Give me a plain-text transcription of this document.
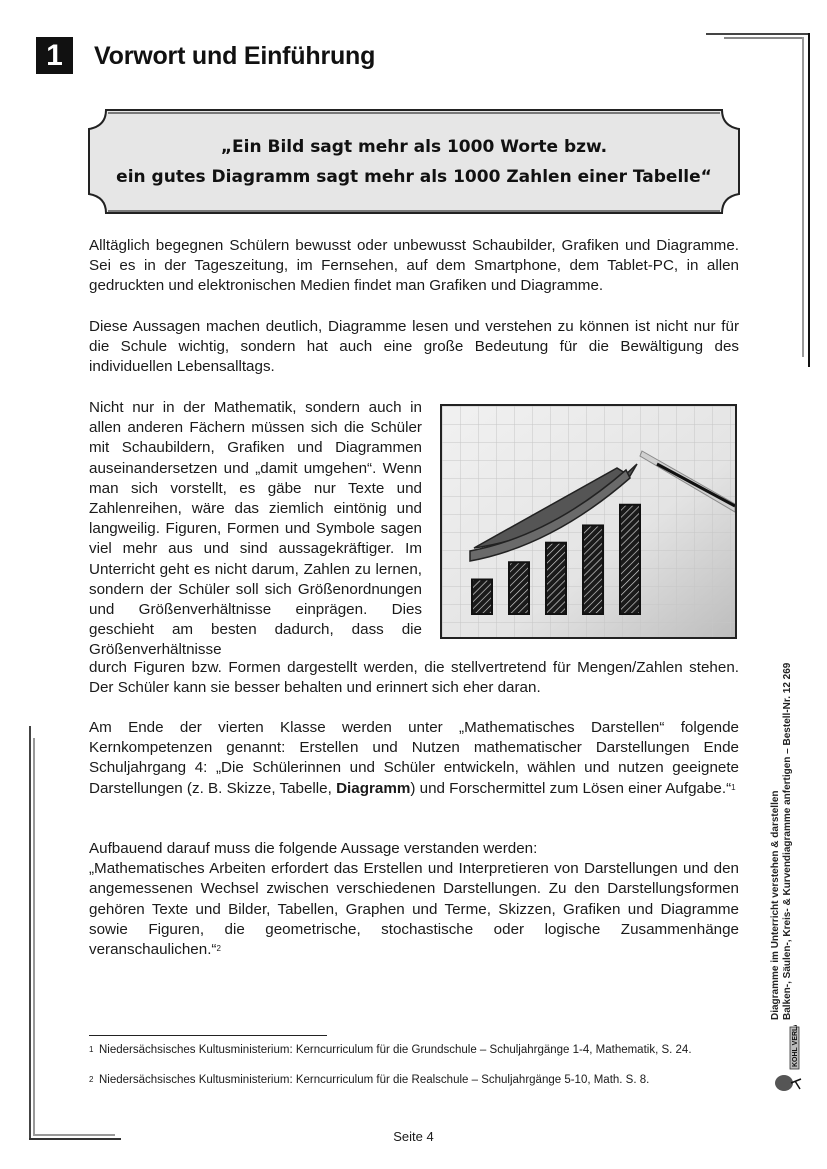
1	Vorwort und Einführung
„Ein Bild sagt mehr als 1000 Worte bzw.
ein gutes Diagramm sagt mehr als 1000 Zahlen einer Tabelle“
Alltäglich begegnen Schülern bewusst oder unbewusst Schaubilder, Grafiken und Diagramme. Sei es in der Tageszeitung, im Fernsehen, auf dem Smartphone, dem Tablet-PC, in allen gedruckten und elektronischen Medien findet man Grafiken und Diagramme.
Diese Aussagen machen deutlich, Diagramme lesen und verstehen zu können ist nicht nur für die Schule wichtig, sondern hat auch eine große Bedeutung für die Bewältigung des individuellen Lebensalltags.
Nicht nur in der Mathematik, sondern auch in allen anderen Fächern müssen sich die Schüler mit Schaubildern, Grafiken und Diagrammen auseinandersetzen und „damit umgehen“. Wenn man sich vorstellt, es gäbe nur Texte und Zahlenreihen, wäre das ziemlich eintönig und langweilig. Figuren, Formen und Symbole sagen viel mehr aus und sind aussagekräftiger. Im Unterricht geht es nicht darum, Zahlen zu lernen, sondern der Schüler soll sich Größenordnungen und Größenverhältnisse einprägen. Dies geschieht am besten dadurch, dass die Größenverhältnisse
durch Figuren bzw. Formen dargestellt werden, die stellvertretend für Mengen/Zahlen stehen. Der Schüler kann sie besser behalten und erinnert sich eher daran.
Am Ende der vierten Klasse werden unter „Mathematisches Darstellen“ folgende Kernkompetenzen genannt: Erstellen und Nutzen mathematischer Darstellungen Ende Schuljahrgang 4: „Die Schülerinnen und Schüler entwickeln, wählen und nutzen geeignete Darstellungen (z. B. Skizze, Tabelle, Diagramm) und Forschermittel zum Lösen einer Aufgabe.“$^1$
Aufbauend darauf muss die folgende Aussage verstanden werden:
„Mathematisches Arbeiten erfordert das Erstellen und Interpretieren von Darstellungen und den angemessenen Wechsel zwischen verschiedenen Darstellungen. Zu den Darstellungsformen gehören Texte und Bilder, Tabellen, Graphen und Terme, Skizzen, Grafiken und Diagramme sowie Figuren, die geometrische, stochastische oder logische Zusammenhänge veranschaulichen.“$^2$
1 Niedersächsisches Kultusministerium: Kerncurriculum für die Grundschule – Schuljahrgänge 1-4, Mathematik, S. 24.
2 Niedersächsisches Kultusministerium: Kerncurriculum für die Realschule – Schuljahrgänge 5-10, Math. S. 8.
Seite 4
Diagramme im Unterricht verstehen & darstellen Balken-, Säulen-, Kreis- & Kurvendiagramme anfertigen – Bestell-Nr. 12 269
KOHL VERLAG
